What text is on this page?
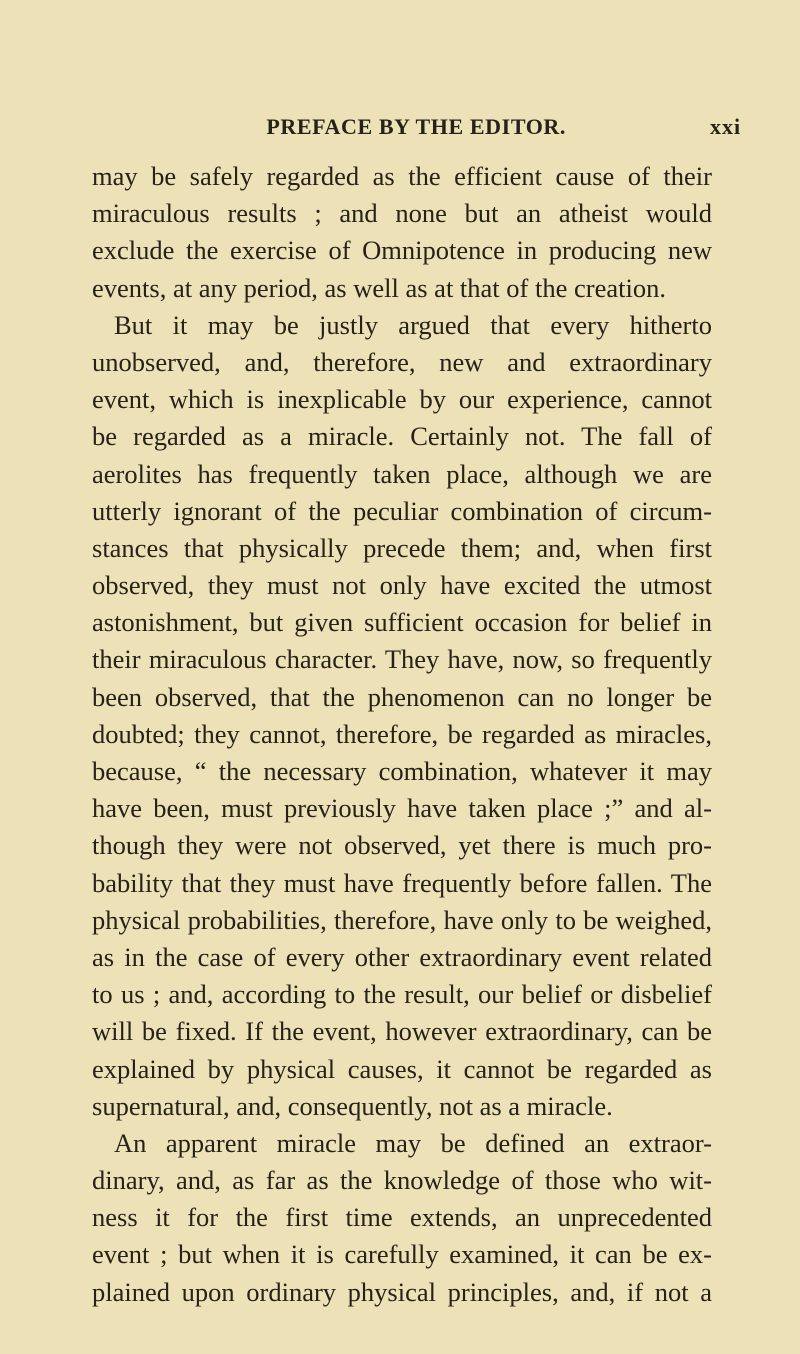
PREFACE BY THE EDITOR.	xxi
may be safely regarded as the efficient cause of their
miraculous results ; and none but an atheist would
exclude the exercise of Omnipotence in producing new
events, at any period, as well as at that of the creation.
But it may be justly argued that every hitherto
unobserved, and, therefore, new and extraordinary
event, which is inexplicable by our experience, cannot
be regarded as a miracle. Certainly not. The fall of
aerolites has frequently taken place, although we are
utterly ignorant of the peculiar combination of circum-
stances that physically precede them; and, when first
observed, they must not only have excited the utmost
astonishment, but given sufficient occasion for belief in
their miraculous character. They have, now, so frequently
been observed, that the phenomenon can no longer be
doubted; they cannot, therefore, be regarded as miracles,
because, “ the necessary combination, whatever it may
have been, must previously have taken place ;” and al-
though they were not observed, yet there is much pro-
bability that they must have frequently before fallen. The
physical probabilities, therefore, have only to be weighed,
as in the case of every other extraordinary event related
to us ; and, according to the result, our belief or disbelief
will be fixed. If the event, however extraordinary, can be
explained by physical causes, it cannot be regarded as
supernatural, and, consequently, not as a miracle.
An apparent miracle may be defined an extraor-
dinary, and, as far as the knowledge of those who wit-
ness it for the first time extends, an unprecedented
event ; but when it is carefully examined, it can be ex-
plained upon ordinary physical principles, and, if not a
